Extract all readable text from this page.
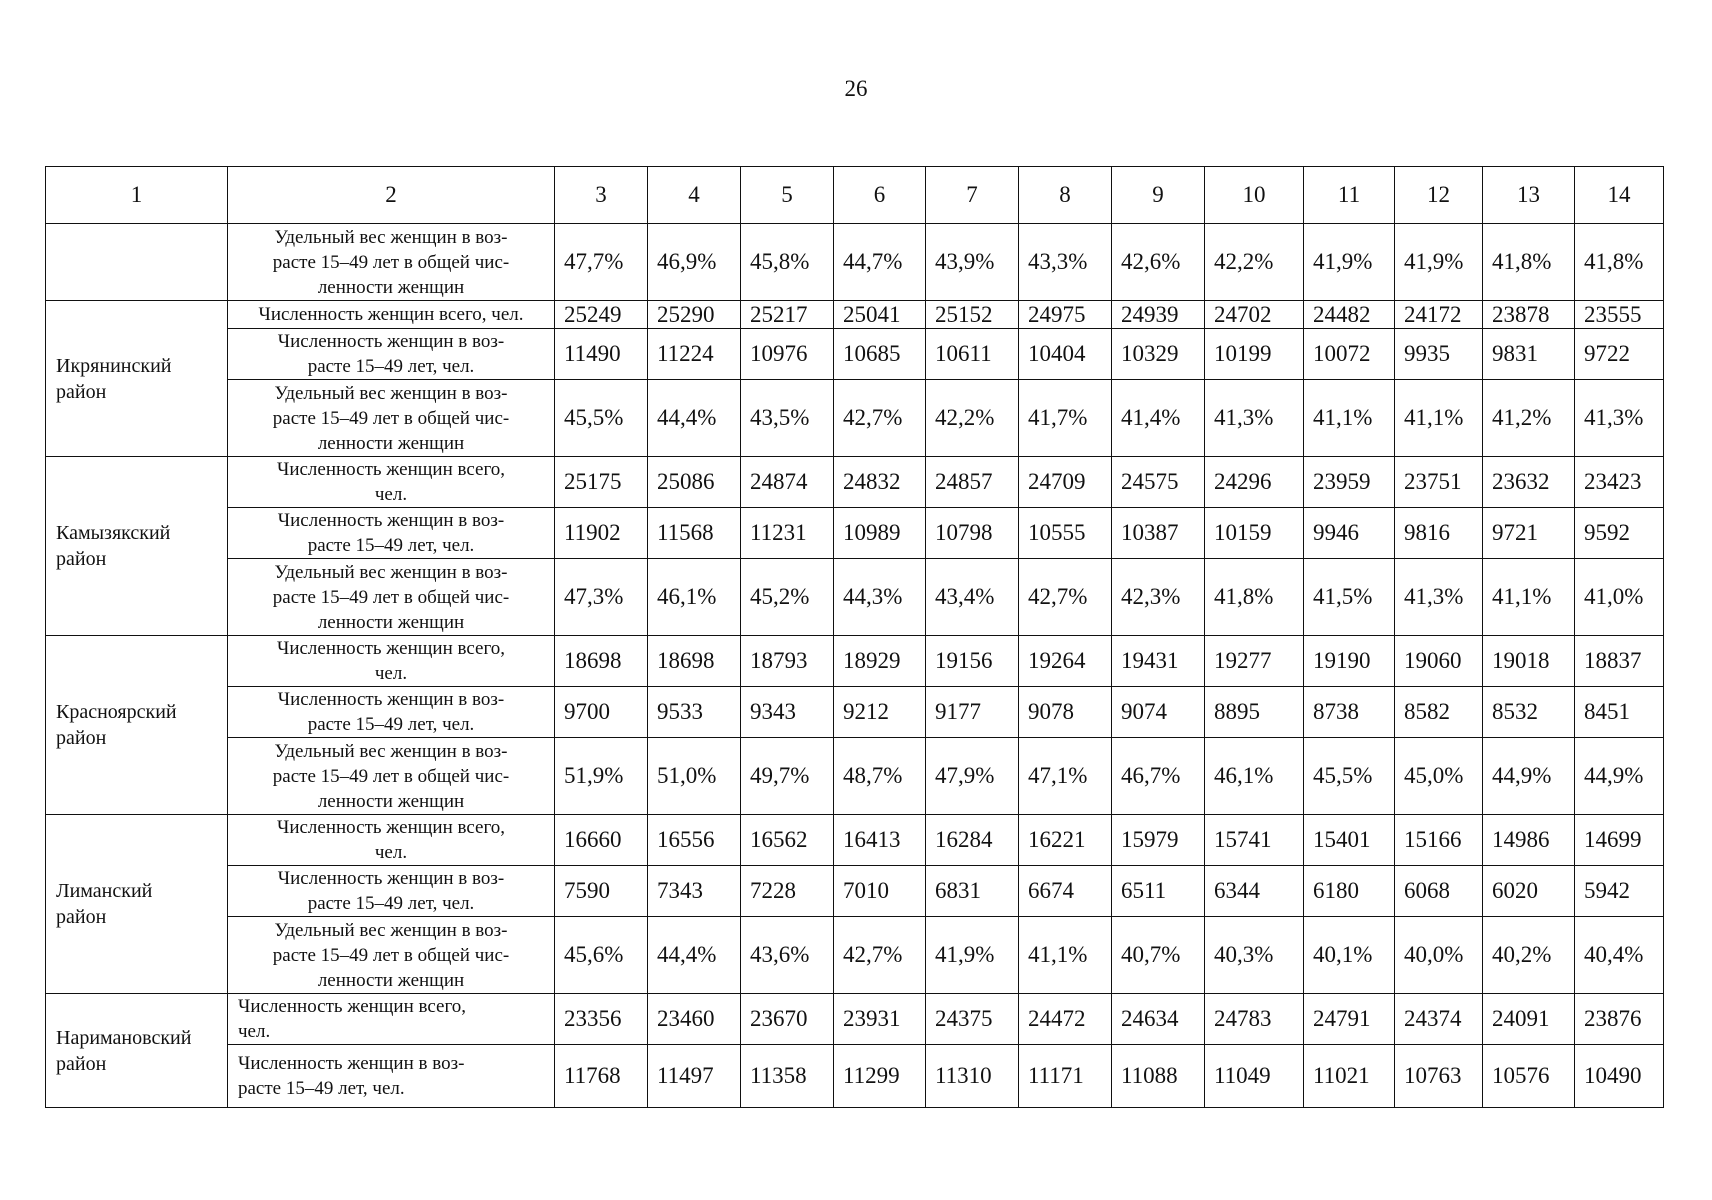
26
1	2	3	4	5	6	7	8	9	10	11	12	13	14
	Удельный вес женщин в воз-
расте 15–49 лет в общей чис-
ленности женщин	47,7%	46,9%	45,8%	44,7%	43,9%	43,3%	42,6%	42,2%	41,9%	41,9%	41,8%	41,8%
Икрянинский
район	Численность женщин всего, чел.	25249	25290	25217	25041	25152	24975	24939	24702	24482	24172	23878	23555
	Численность женщин в воз-
расте 15–49 лет, чел.	11490	11224	10976	10685	10611	10404	10329	10199	10072	9935	9831	9722
	Удельный вес женщин в воз-
расте 15–49 лет в общей чис-
ленности женщин	45,5%	44,4%	43,5%	42,7%	42,2%	41,7%	41,4%	41,3%	41,1%	41,1%	41,2%	41,3%
Камызякский
район	Численность женщин всего,
чел.	25175	25086	24874	24832	24857	24709	24575	24296	23959	23751	23632	23423
	Численность женщин в воз-
расте 15–49 лет, чел.	11902	11568	11231	10989	10798	10555	10387	10159	9946	9816	9721	9592
	Удельный вес женщин в воз-
расте 15–49 лет в общей чис-
ленности женщин	47,3%	46,1%	45,2%	44,3%	43,4%	42,7%	42,3%	41,8%	41,5%	41,3%	41,1%	41,0%
Красноярский
район	Численность женщин всего,
чел.	18698	18698	18793	18929	19156	19264	19431	19277	19190	19060	19018	18837
	Численность женщин в воз-
расте 15–49 лет, чел.	9700	9533	9343	9212	9177	9078	9074	8895	8738	8582	8532	8451
	Удельный вес женщин в воз-
расте 15–49 лет в общей чис-
ленности женщин	51,9%	51,0%	49,7%	48,7%	47,9%	47,1%	46,7%	46,1%	45,5%	45,0%	44,9%	44,9%
Лиманский
район	Численность женщин всего,
чел.	16660	16556	16562	16413	16284	16221	15979	15741	15401	15166	14986	14699
	Численность женщин в воз-
расте 15–49 лет, чел.	7590	7343	7228	7010	6831	6674	6511	6344	6180	6068	6020	5942
	Удельный вес женщин в воз-
расте 15–49 лет в общей чис-
ленности женщин	45,6%	44,4%	43,6%	42,7%	41,9%	41,1%	40,7%	40,3%	40,1%	40,0%	40,2%	40,4%
Наримановский
район	Численность женщин всего,
чел.	23356	23460	23670	23931	24375	24472	24634	24783	24791	24374	24091	23876
	Численность женщин в воз-
расте 15–49 лет, чел.	11768	11497	11358	11299	11310	11171	11088	11049	11021	10763	10576	10490
